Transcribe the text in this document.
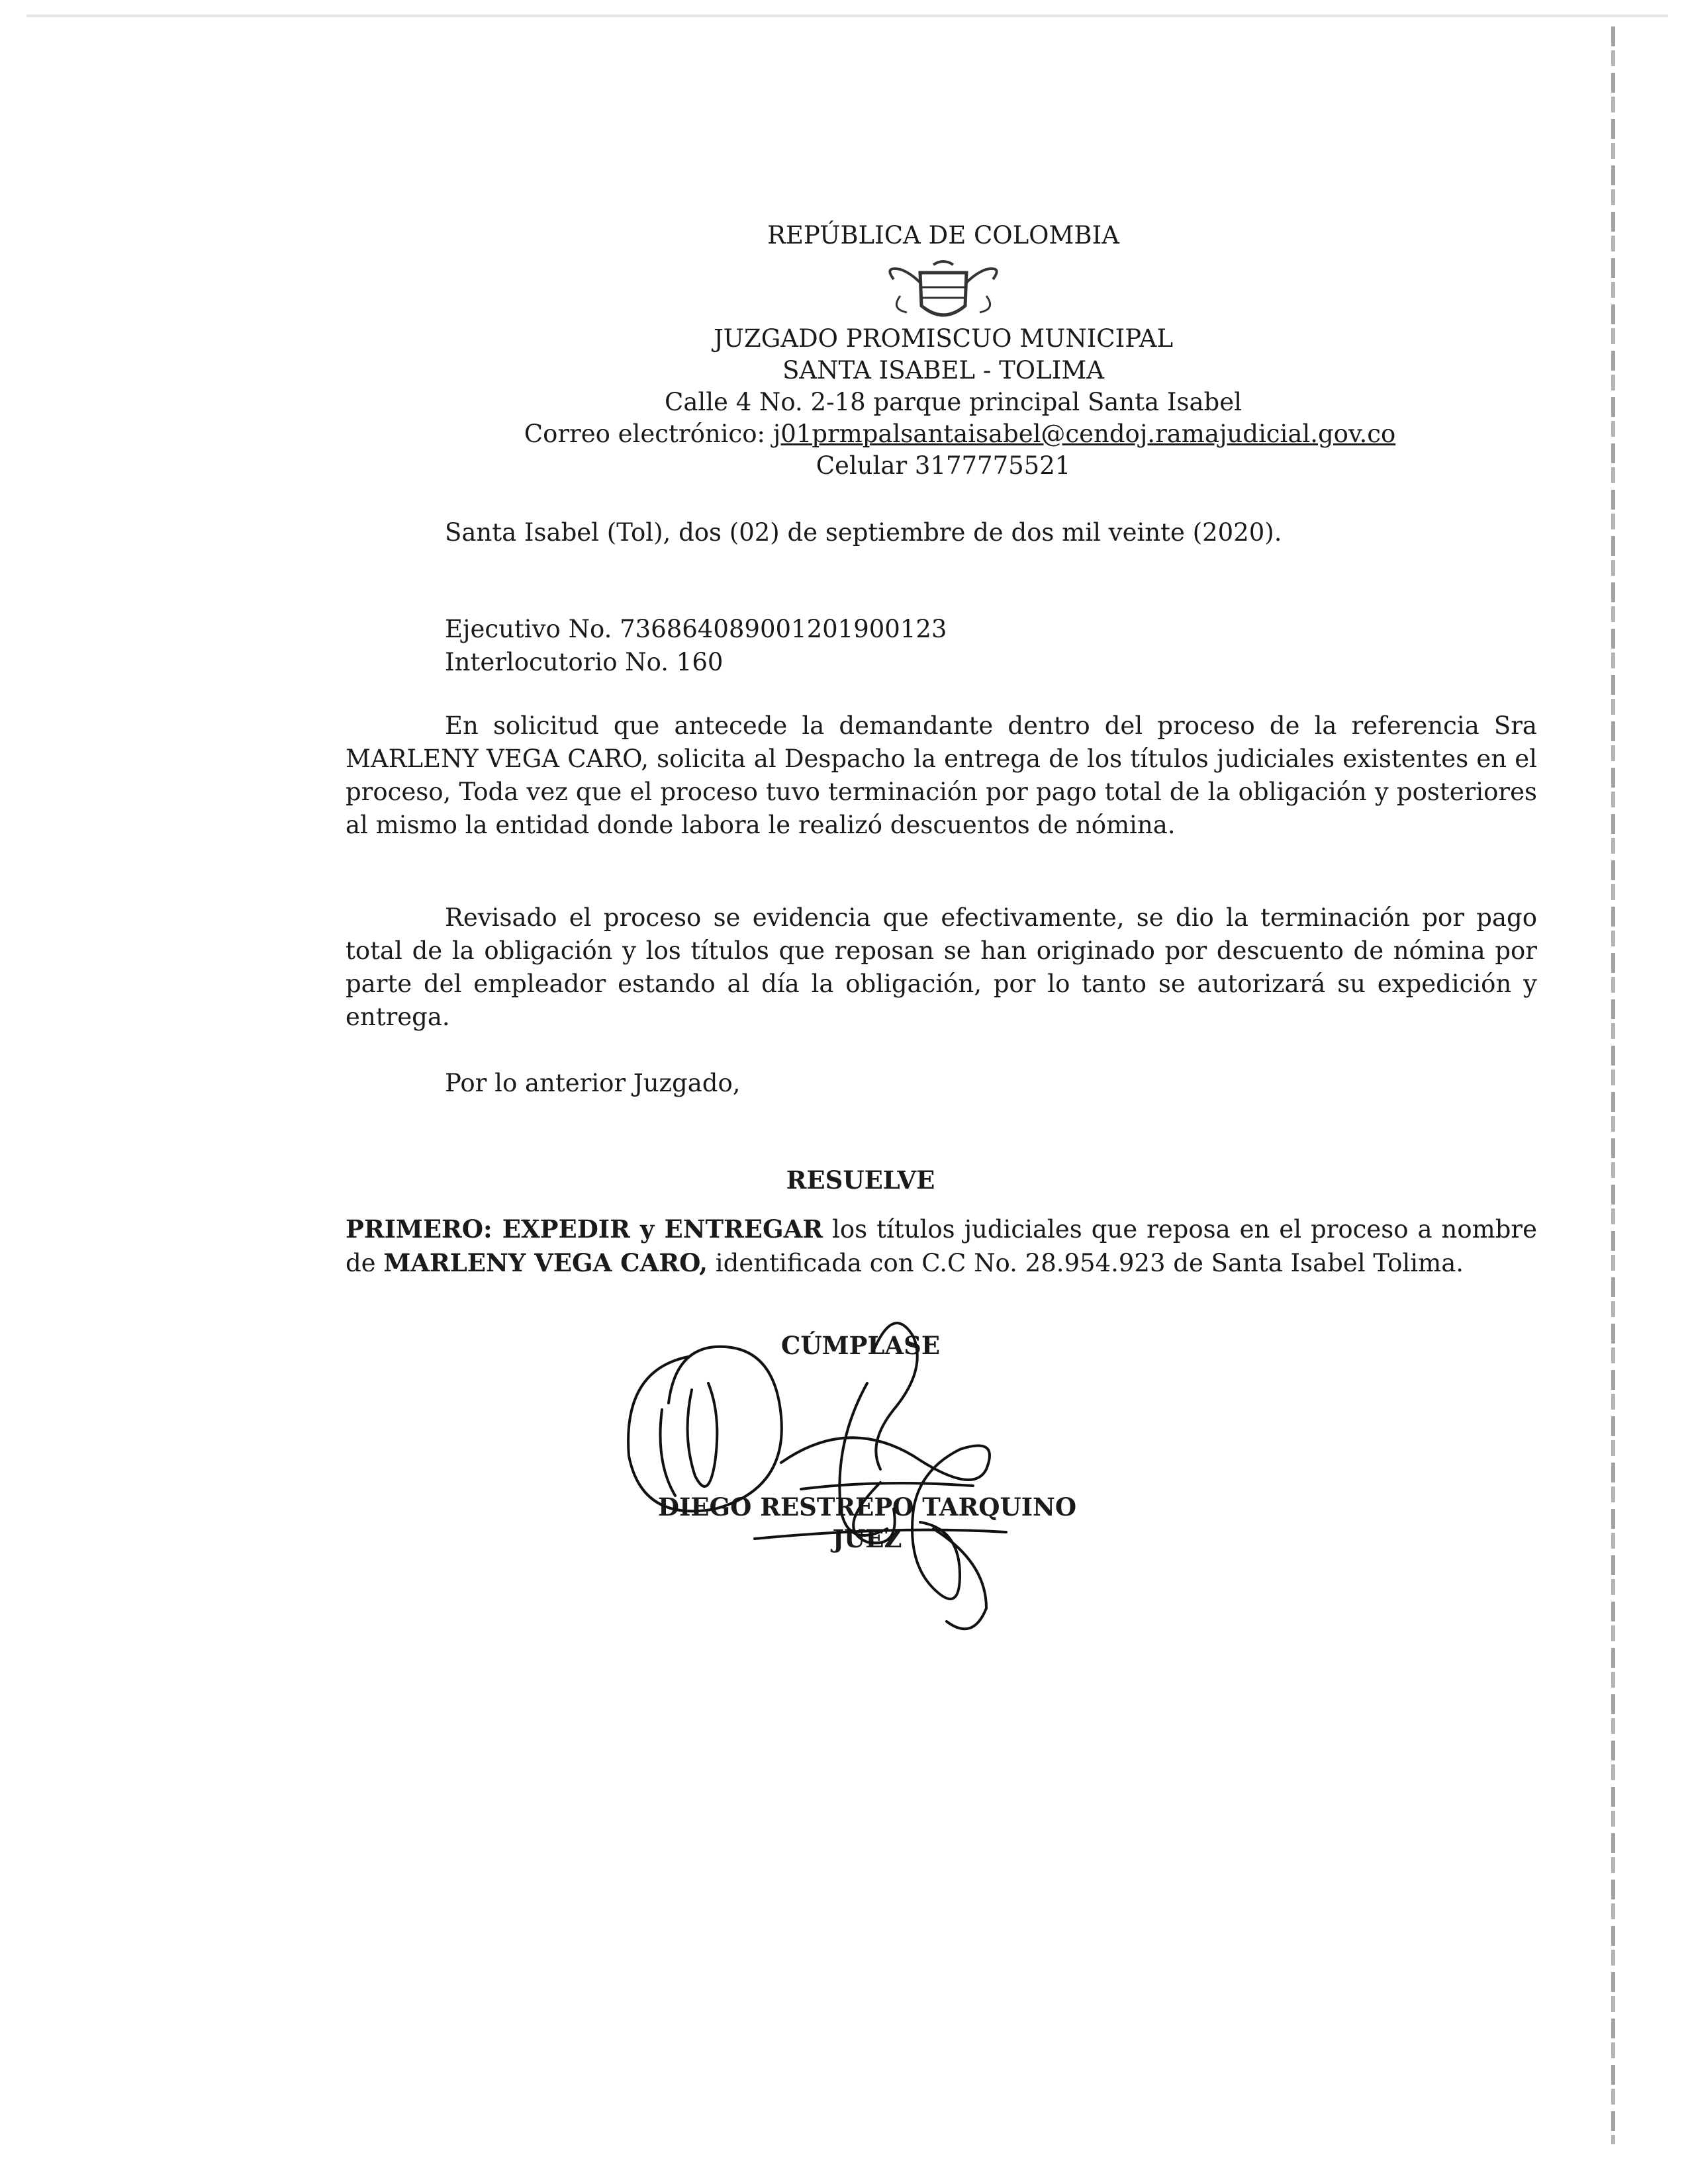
REPÚBLICA DE COLOMBIA
JUZGADO PROMISCUO MUNICIPAL
SANTA ISABEL - TOLIMA
Calle 4 No. 2-18 parque principal Santa Isabel
Correo electrónico: j01prmpalsantaisabel@cendoj.ramajudicial.gov.co
Celular 3177775521
Santa Isabel (Tol), dos (02) de septiembre de dos mil veinte (2020).
Ejecutivo No. 73686408900120190012​3
Interlocutorio No. 160

En solicitud que antecede la demandante dentro del proceso de la referencia Sra MARLENY VEGA CARO, solicita al Despacho la entrega de los títulos judiciales existentes en el proceso, Toda vez que el proceso tuvo terminación por pago total de la obligación y posteriores al mismo la entidad donde labora le realizó descuentos de nómina.

Revisado el proceso se evidencia que efectivamente, se dio la terminación por pago total de la obligación y los títulos que reposan se han originado por descuento de nómina por parte del empleador estando al día la obligación, por lo tanto se autorizará su expedición y entrega.

Por lo anterior Juzgado,
RESUELVE

PRIMERO: EXPEDIR y ENTREGAR los títulos judiciales que reposa en el proceso a nombre de MARLENY VEGA CARO, identificada con C.C No. 28.954.923 de Santa Isabel Tolima.

CÚMPLASE
DIEGO RESTREPO TARQUINO
JUEZ
